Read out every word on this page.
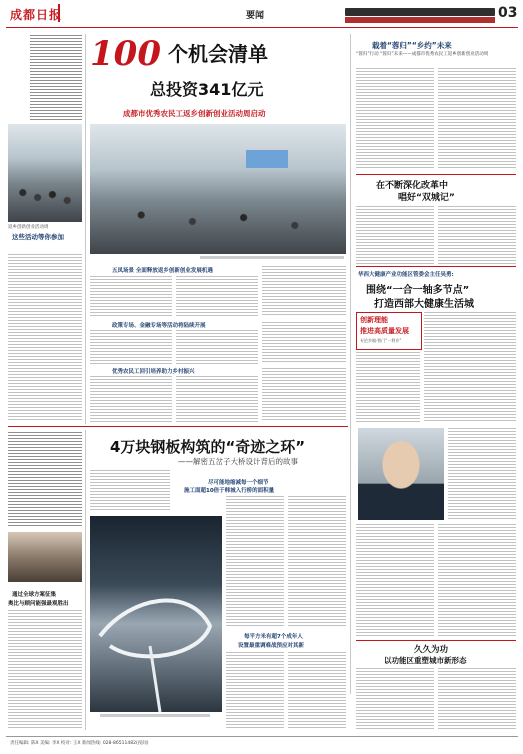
成都日报	要闻	03
返乡创新创业活动周
这些活动等你参加
100 个机会清单
总投资341亿元
成都市优秀农民工返乡创新创业活动周启动
五凤场景 全面释放返乡创新创业发展机遇
政策专场、金融专场等活动将陆续开展
优秀农民工回引培养助力乡村振兴
载着“蓉归”“乡约”未来
“蓉归”行动 “蓉归”未来——成都市优秀农民工返乡创新创业活动周
在不断深化改革中
唱好“双城记”
华西大健康产业功能区管委会主任吴勇:
围绕“一合一轴多节点”
打造西部大健康生活城
创新理能
推进高质量发展
专论乡镇·智门“一利乡”
久久为功
以功能区重塑城市新形态
通过全球方案征集
奥比与顾问能强最观胜出
4万块钢板构筑的“奇迹之环”
——解密五岔子大桥设计背后的故事
尽可能地缩减每一个细节
施工面超10倍于韩城入行桥的面积量
每平方米有超7个成年人
设置最重调难战预应对其新
责任编辑: 陈X 美编: 李X 校对: 王X 新闻热线: 028-86511482(夜间)
